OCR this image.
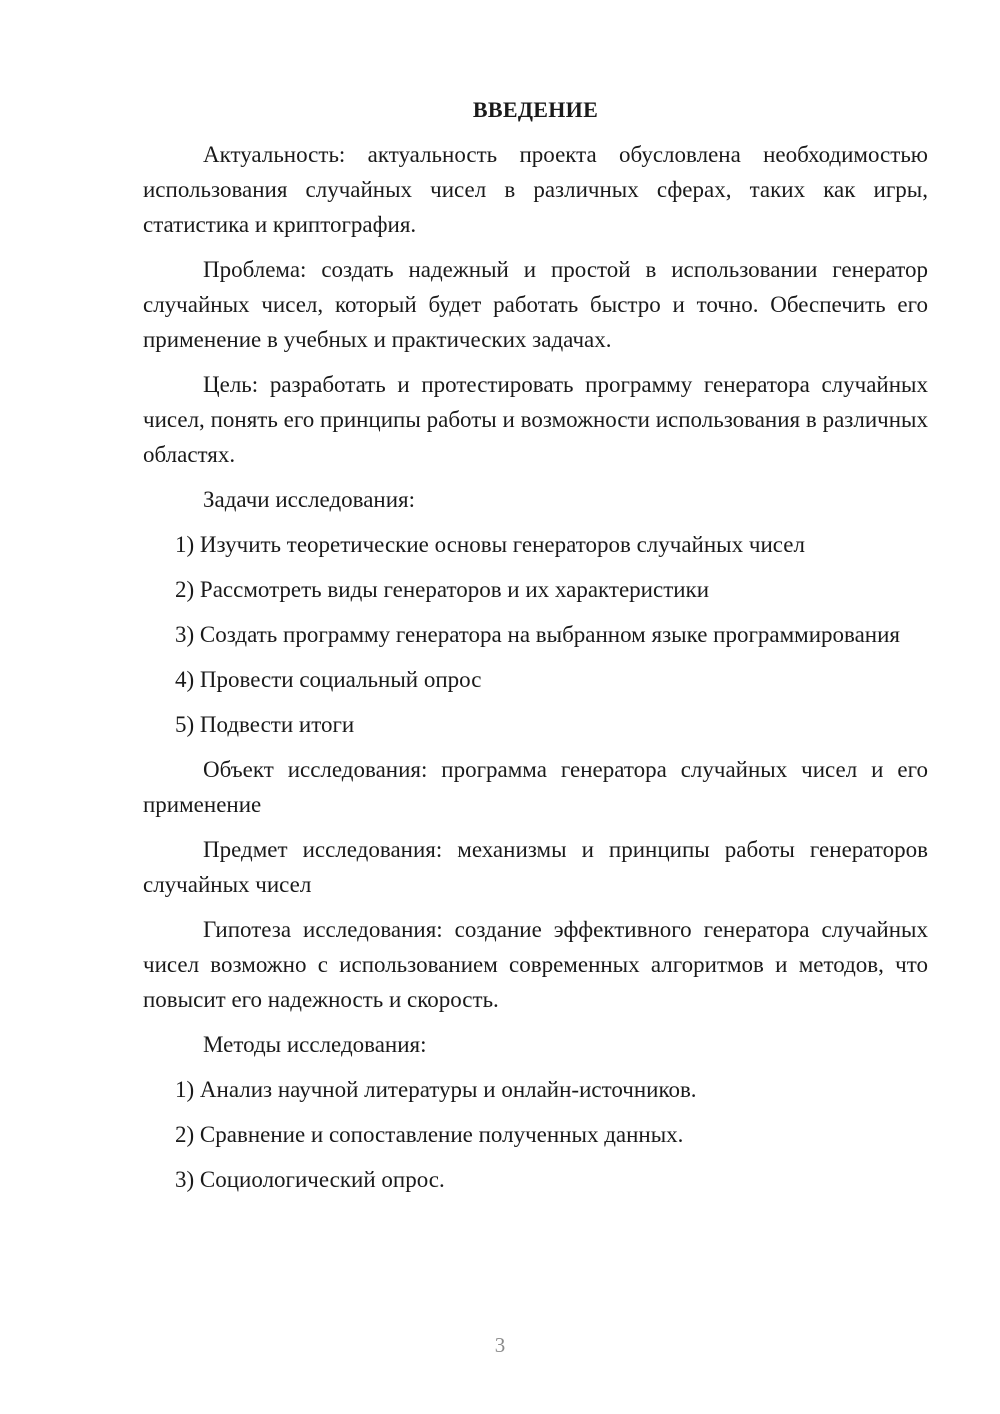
ВВЕДЕНИЕ

Актуальность: актуальность проекта обусловлена необходимостью использования случайных чисел в различных сферах, таких как игры, статистика и криптография.

Проблема: создать надежный и простой в использовании генератор случайных чисел, который будет работать быстро и точно. Обеспечить его применение в учебных и практических задачах.

Цель: разработать и протестировать программу генератора случайных чисел, понять его принципы работы и возможности использования в различных областях.

Задачи исследования:

1) Изучить теоретические основы генераторов случайных чисел

2) Рассмотреть виды генераторов и их характеристики

3) Создать программу генератора на выбранном языке программирования

4) Провести социальный опрос

5) Подвести итоги

Объект исследования: программа генератора случайных чисел и его применение

Предмет исследования: механизмы и принципы работы генераторов случайных чисел

Гипотеза исследования: создание эффективного генератора случайных чисел возможно с использованием современных алгоритмов и методов, что повысит его надежность и скорость.

Методы исследования:

1) Анализ научной литературы и онлайн-источников.

2) Сравнение и сопоставление полученных данных.

3) Социологический опрос.

3
